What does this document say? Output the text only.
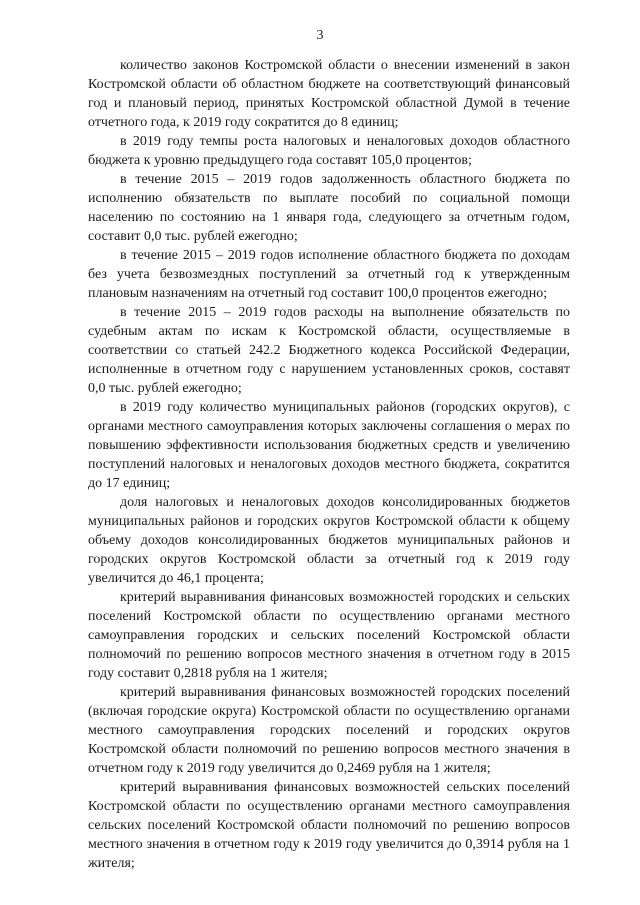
3

количество законов Костромской области о внесении изменений в закон Костромской области об областном бюджете на соответствующий финансовый год и плановый период, принятых Костромской областной Думой в течение отчетного года, к 2019 году сократится до 8 единиц;

в 2019 году темпы роста налоговых и неналоговых доходов областного бюджета к уровню предыдущего года составят 105,0 процентов;

в течение 2015 – 2019 годов задолженность областного бюджета по исполнению обязательств по выплате пособий по социальной помощи населению по состоянию на 1 января года, следующего за отчетным годом, составит 0,0 тыс. рублей ежегодно;

в течение 2015 – 2019 годов исполнение областного бюджета по доходам без учета безвозмездных поступлений за отчетный год к утвержденным плановым назначениям на отчетный год составит 100,0 процентов ежегодно;

в течение 2015 – 2019 годов расходы на выполнение обязательств по судебным актам по искам к Костромской области, осуществляемые в соответствии со статьей 242.2 Бюджетного кодекса Российской Федерации, исполненные в отчетном году с нарушением установленных сроков, составят 0,0 тыс. рублей ежегодно;

в 2019 году количество муниципальных районов (городских округов), с органами местного самоуправления которых заключены соглашения о мерах по повышению эффективности использования бюджетных средств и увеличению поступлений налоговых и неналоговых доходов местного бюджета, сократится до 17 единиц;

доля налоговых и неналоговых доходов консолидированных бюджетов муниципальных районов и городских округов Костромской области к общему объему доходов консолидированных бюджетов муниципальных районов и городских округов Костромской области за отчетный год к 2019 году увеличится до 46,1 процента;

критерий выравнивания финансовых возможностей городских и сельских поселений Костромской области по осуществлению органами местного самоуправления городских и сельских поселений Костромской области полномочий по решению вопросов местного значения в отчетном году в 2015 году составит 0,2818 рубля на 1 жителя;

критерий выравнивания финансовых возможностей городских поселений (включая городские округа) Костромской области по осуществлению органами местного самоуправления городских поселений и городских округов Костромской области полномочий по решению вопросов местного значения в отчетном году к 2019 году увеличится до 0,2469 рубля на 1 жителя;

критерий выравнивания финансовых возможностей сельских поселений Костромской области по осуществлению органами местного самоуправления сельских поселений Костромской области полномочий по решению вопросов местного значения в отчетном году к 2019 году увеличится до 0,3914 рубля на 1 жителя;
